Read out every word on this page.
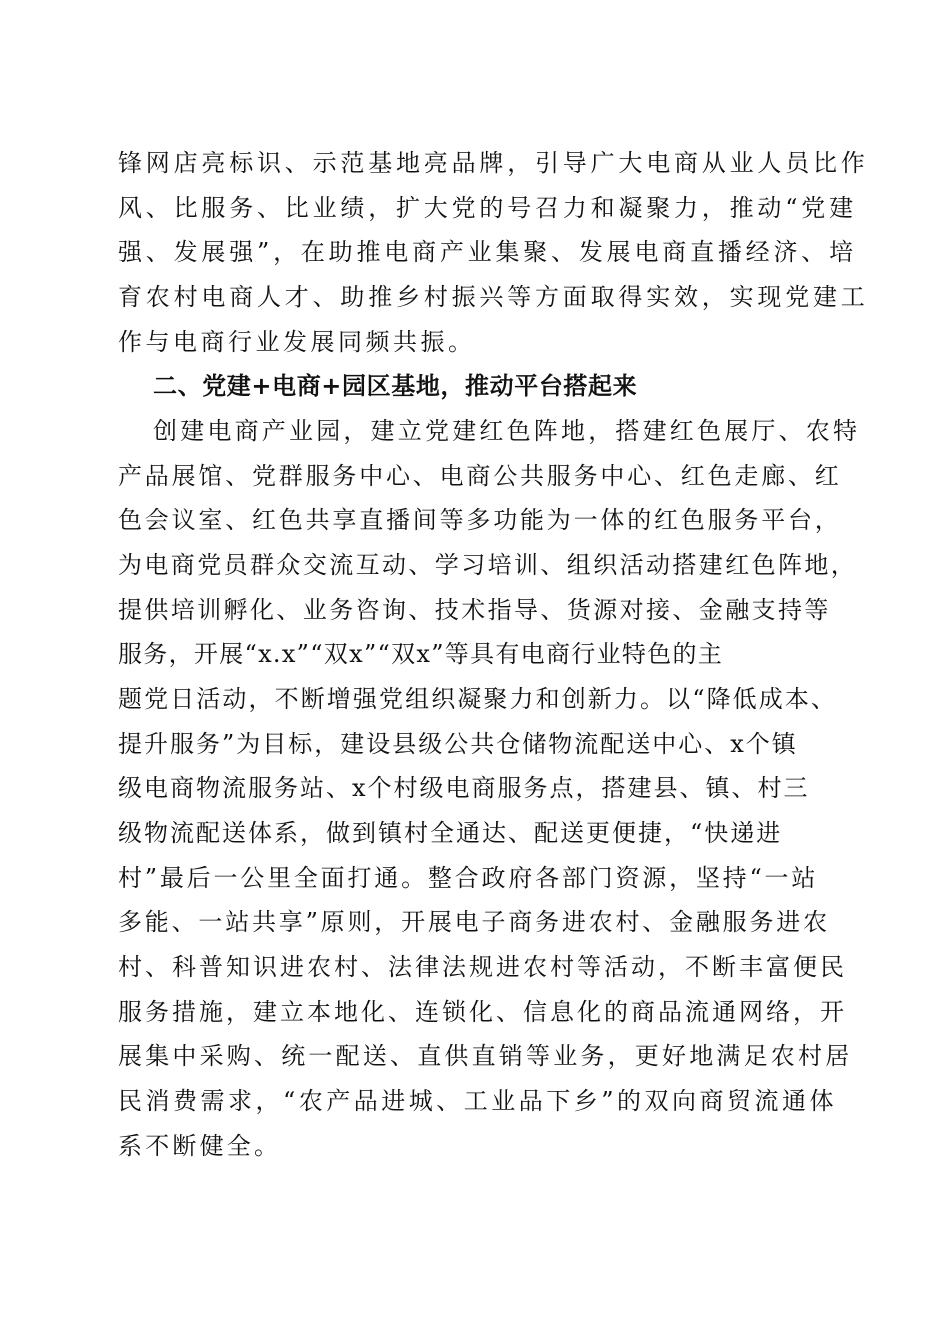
锋网店亮标识、示范基地亮品牌，引导广大电商从业人员比作
风、比服务、比业绩，扩大党的号召力和凝聚力，推动“党建
强、发展强”，在助推电商产业集聚、发展电商直播经济、培
育农村电商人才、助推乡村振兴等方面取得实效，实现党建工
作与电商行业发展同频共振。
二、党建+电商+园区基地，推动平台搭起来
创建电商产业园，建立党建红色阵地，搭建红色展厅、农特
产品展馆、党群服务中心、电商公共服务中心、红色走廊、红
色会议室、红色共享直播间等多功能为一体的红色服务平台，
为电商党员群众交流互动、学习培训、组织活动搭建红色阵地，
提供培训孵化、业务咨询、技术指导、货源对接、金融支持等
服务，开展“x.x”“双x”“双x”等具有电商行业特色的主
题党日活动，不断增强党组织凝聚力和创新力。以“降低成本、
提升服务”为目标，建设县级公共仓储物流配送中心、x个镇
级电商物流服务站、x个村级电商服务点，搭建县、镇、村三
级物流配送体系，做到镇村全通达、配送更便捷，“快递进
村”最后一公里全面打通。整合政府各部门资源，坚持“一站
多能、一站共享”原则，开展电子商务进农村、金融服务进农
村、科普知识进农村、法律法规进农村等活动，不断丰富便民
服务措施，建立本地化、连锁化、信息化的商品流通网络，开
展集中采购、统一配送、直供直销等业务，更好地满足农村居
民消费需求，“农产品进城、工业品下乡”的双向商贸流通体
系不断健全。
